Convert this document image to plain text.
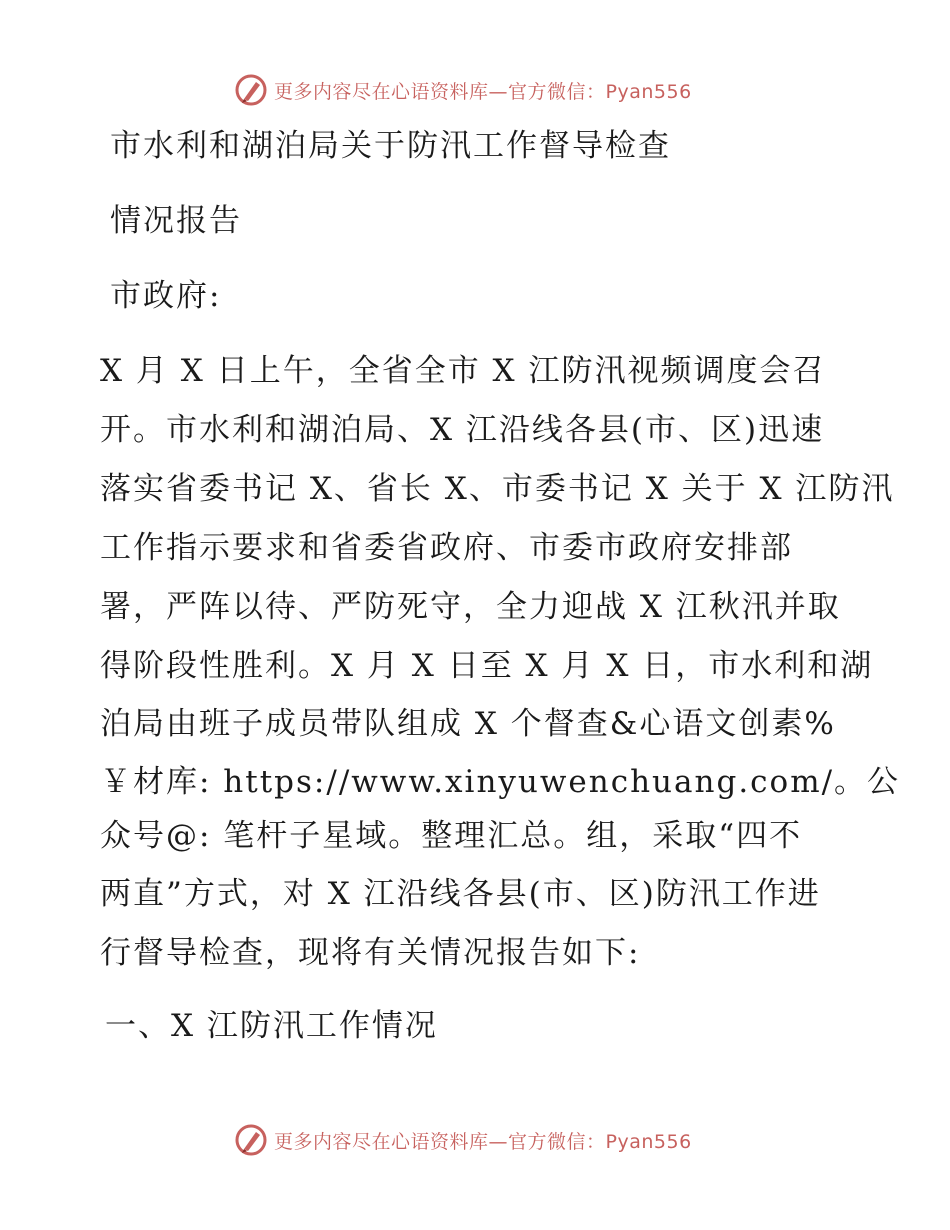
更多内容尽在心语资料库—官方微信：Pyan556
市水利和湖泊局关于防汛工作督导检查
情况报告
市政府:
X 月 X 日上午，全省全市 X 江防汛视频调度会召
开。市水利和湖泊局、X 江沿线各县(市、区)迅速
落实省委书记 X、省长 X、市委书记 X 关于 X 江防汛
工作指示要求和省委省政府、市委市政府安排部
署，严阵以待、严防死守，全力迎战 X 江秋汛并取
得阶段性胜利。X 月 X 日至 X 月 X 日，市水利和湖
泊局由班子成员带队组成 X 个督查&心语文创素%
￥材库: https://www.xinyuwenchuang.com/。公
众号@: 笔杆子星域。整理汇总。组，采取“四不
两直”方式，对 X 江沿线各县(市、区)防汛工作进
行督导检查，现将有关情况报告如下:
一、X 江防汛工作情况
更多内容尽在心语资料库—官方微信：Pyan556
